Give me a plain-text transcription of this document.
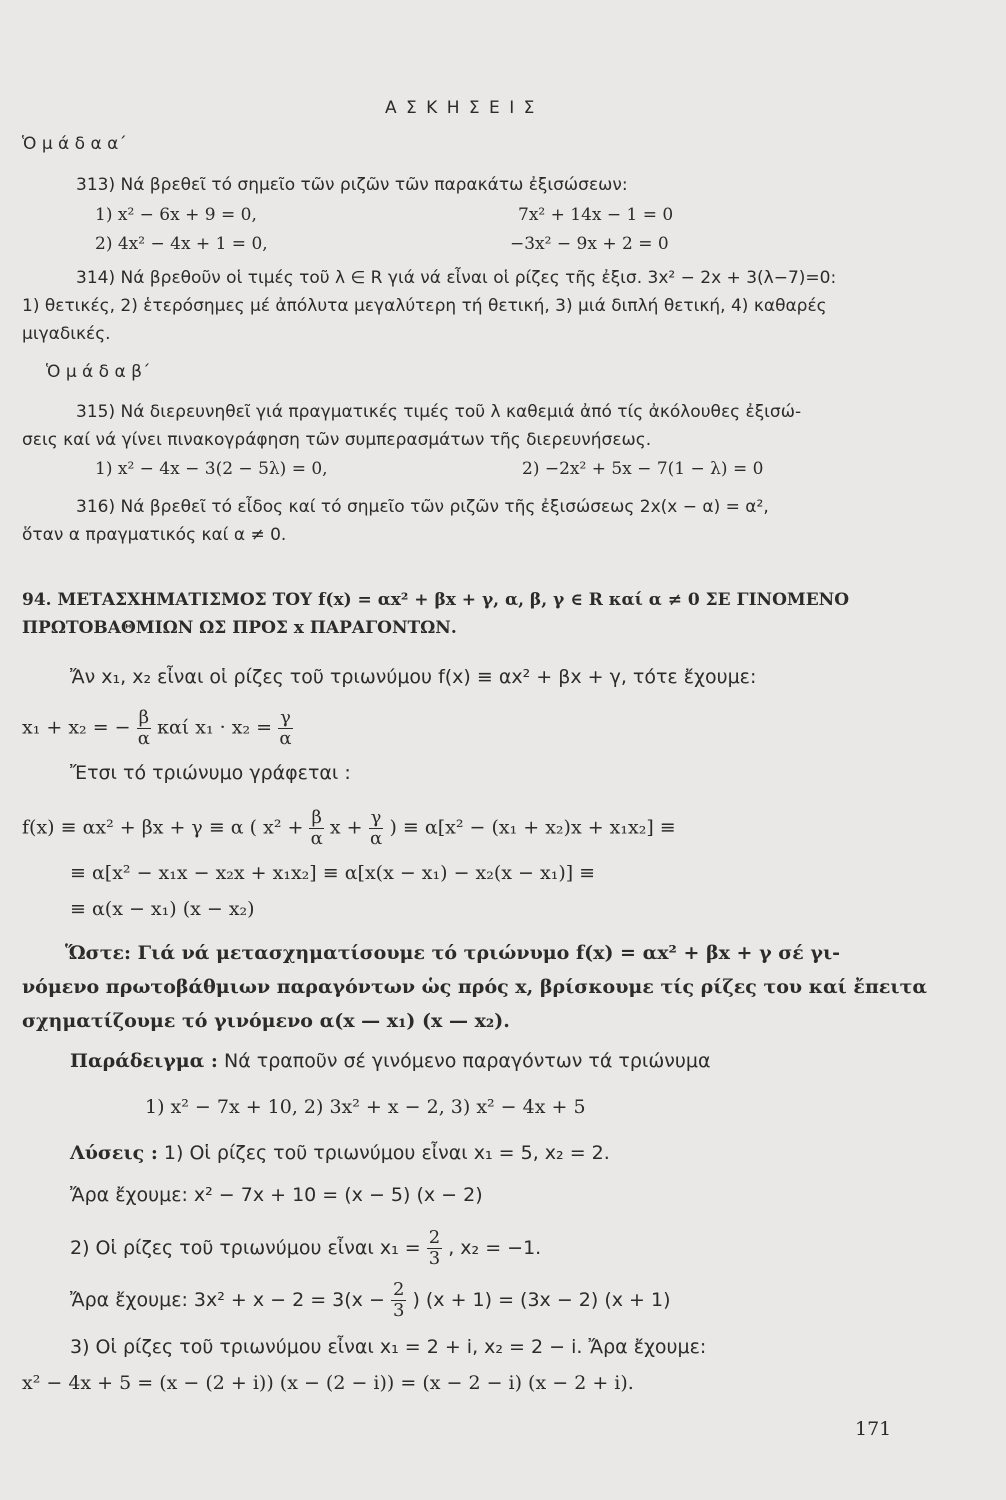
Α Σ Κ Η Σ Ε Ι Σ
Ὁ μ ά δ α α΄
313) Νά βρεθεῖ τό σημεῖο τῶν ριζῶν τῶν παρακάτω ἐξισώσεων:
1) x² − 6x + 9 = 0,	7x² + 14x − 1 = 0
2) 4x² − 4x + 1 = 0,	−3x² − 9x + 2 = 0
314) Νά βρεθοῦν οἱ τιμές τοῦ λ ∈ R γιά νά εἶναι οἱ ρίζες τῆς ἐξισ. 3x² − 2x + 3(λ−7)=0:
1) θετικές, 2) ἑτερόσημες μέ ἀπόλυτα μεγαλύτερη τή θετική, 3) μιά διπλή θετική, 4) καθαρές
μιγαδικές.
Ὁ μ ά δ α β΄
315) Νά διερευνηθεῖ γιά πραγματικές τιμές τοῦ λ καθεμιά ἀπό τίς ἀκόλουθες ἐξισώ-
σεις καί νά γίνει πινακογράφηση τῶν συμπερασμάτων τῆς διερευνήσεως.
1) x² − 4x − 3(2 − 5λ) = 0,	2) −2x² + 5x − 7(1 − λ) = 0
316) Νά βρεθεῖ τό εἶδος καί τό σημεῖο τῶν ριζῶν τῆς ἐξισώσεως 2x(x − α) = α²,
ὅταν α πραγματικός καί α ≠ 0.
94. ΜΕΤΑΣΧΗΜΑΤΙΣΜΟΣ ΤΟΥ f(x) = αx² + βx + γ, α, β, γ ∈ R καί α ≠ 0 ΣΕ ΓΙΝΟΜΕΝΟ
ΠΡΩΤΟΒΑΘΜΙΩΝ ΩΣ ΠΡΟΣ x ΠΑΡΑΓΟΝΤΩΝ.
Ἄν x₁, x₂ εἶναι οἱ ρίζες τοῦ τριωνύμου f(x) ≡ αx² + βx + γ, τότε ἔχουμε:
x₁ + x₂ = − $\frac{\beta}{\alpha}$ καί $x_1 \cdot x_2 = \frac{\gamma}{\alpha}$
Ἔτσι τό τριώνυμο γράφεται :
f(x) ≡ αx² + βx + γ ≡ α ( $x^2 + \frac{\beta}{\alpha}$ $x + \frac{\gamma}{\alpha}$ ) ≡ α[x² − (x₁ + x₂)x + x₁x₂] ≡
≡ α[x² − x₁x − x₂x + x₁x₂] ≡ α[x(x − x₁) − x₂(x − x₁)] ≡
≡ α(x − x₁) (x − x₂)
Ὥστε: Γιά νά μετασχηματίσουμε τό τριώνυμο f(x) = αx² + βx + γ σέ γι-
νόμενο πρωτοβάθμιων παραγόντων ὡς πρός x, βρίσκουμε τίς ρίζες του καί ἔπειτα
σχηματίζουμε τό γινόμενο α(x — x₁) (x — x₂).
Παράδειγμα : Νά τραποῦν σέ γινόμενο παραγόντων τά τριώνυμα
1) x² − 7x + 10, 2) 3x² + x − 2, 3) x² − 4x + 5
Λύσεις : 1) Οἱ ρίζες τοῦ τριωνύμου εἶναι x₁ = 5, x₂ = 2.
Ἄρα ἔχουμε: x² − 7x + 10 = (x − 5) (x − 2)
2) Οἱ ρίζες τοῦ τριωνύμου εἶναι $x_1 = \frac{2}{3}$ , x₂ = −1.
Ἄρα ἔχουμε: $3x^2 + x - 2 = 3(x - \frac{2}{3}$ ) (x + 1) = (3x − 2) (x + 1)
3) Οἱ ρίζες τοῦ τριωνύμου εἶναι x₁ = 2 + i, x₂ = 2 − i. Ἄρα ἔχουμε:
x² − 4x + 5 = (x − (2 + i)) (x − (2 − i)) = (x − 2 − i) (x − 2 + i).
171
